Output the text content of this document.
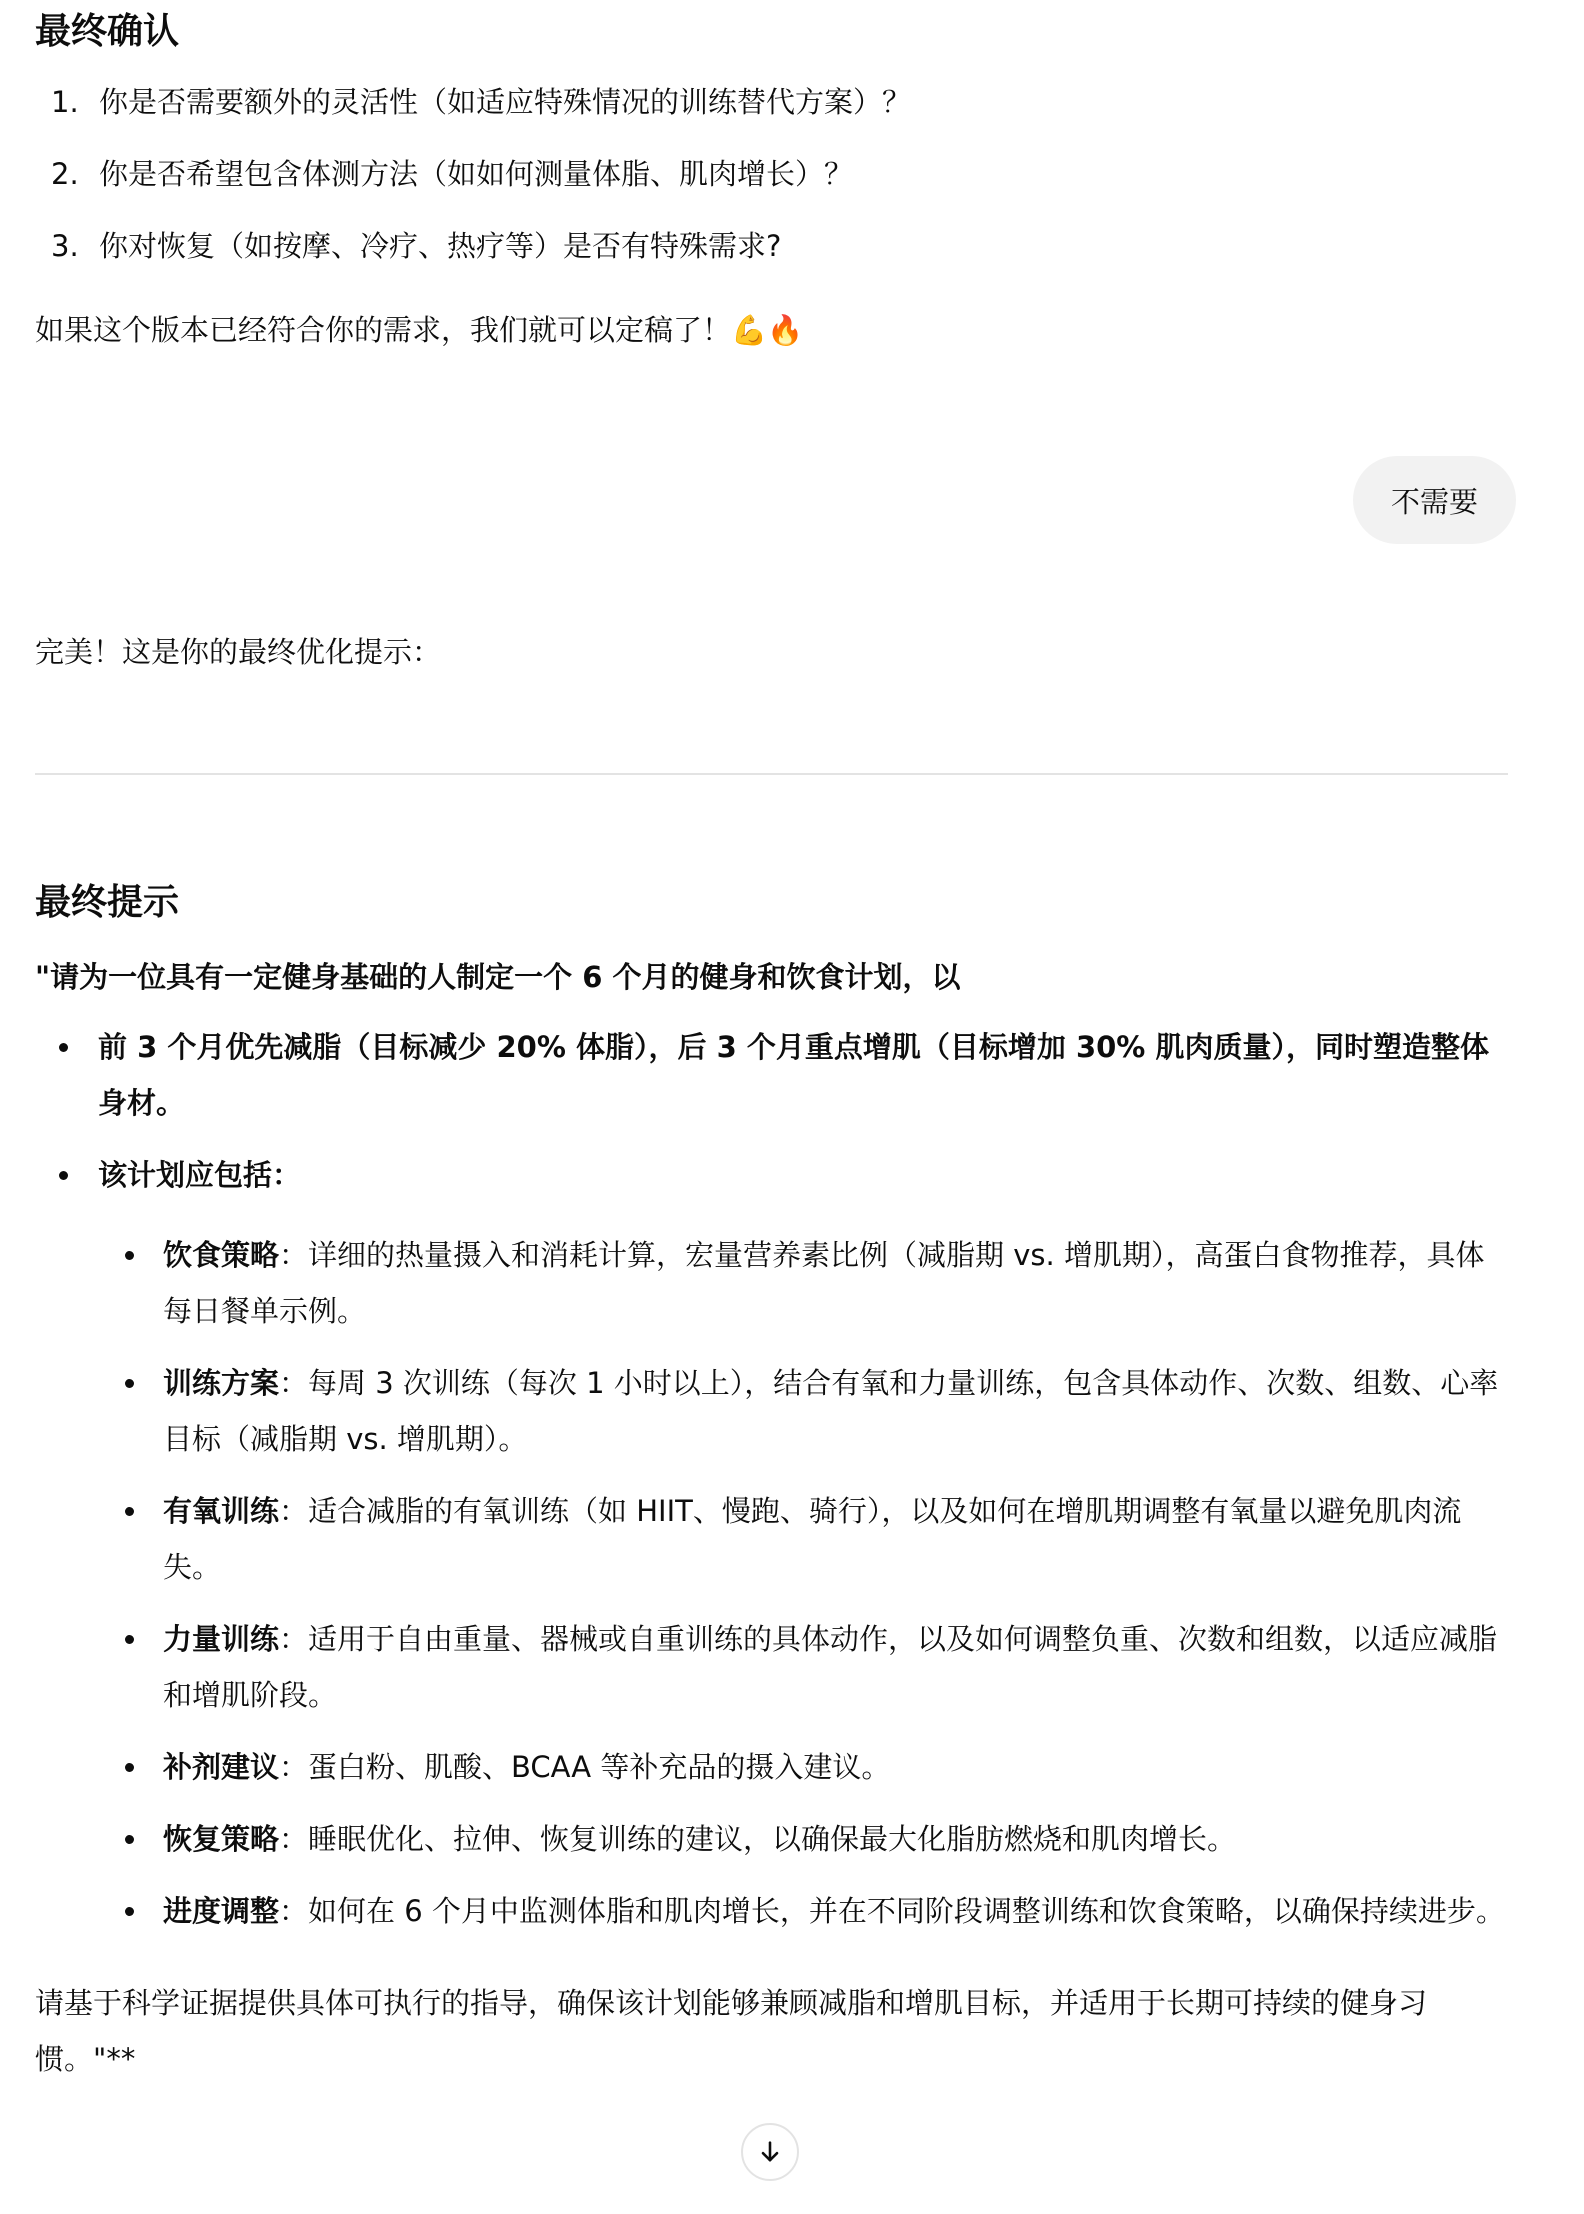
最终确认
1. 你是否需要额外的灵活性（如适应特殊情况的训练替代方案）？
2. 你是否希望包含体测方法（如如何测量体脂、肌肉增长）？
3. 你对恢复（如按摩、冷疗、热疗等）是否有特殊需求?

如果这个版本已经符合你的需求，我们就可以定稿了！💪🔥

不需要

完美！这是你的最终优化提示：

最终提示

"请为一位具有一定健身基础的人制定一个 6 个月的健身和饮食计划，以

前 3 个月优先减脂（目标减少 20% 体脂），后 3 个月重点增肌（目标增加 30% 肌肉质量），同时塑造整体身材。
该计划应包括：
饮食策略：详细的热量摄入和消耗计算，宏量营养素比例（减脂期 vs. 增肌期），高蛋白食物推荐，具体每日餐单示例。
训练方案：每周 3 次训练（每次 1 小时以上），结合有氧和力量训练，包含具体动作、次数、组数、心率目标（减脂期 vs. 增肌期）。
有氧训练：适合减脂的有氧训练（如 HIIT、慢跑、骑行），以及如何在增肌期调整有氧量以避免肌肉流失。
力量训练：适用于自由重量、器械或自重训练的具体动作，以及如何调整负重、次数和组数，以适应减脂和增肌阶段。
补剂建议：蛋白粉、肌酸、BCAA 等补充品的摄入建议。
恢复策略：睡眠优化、拉伸、恢复训练的建议，以确保最大化脂肪燃烧和肌肉增长。
进度调整：如何在 6 个月中监测体脂和肌肉增长，并在不同阶段调整训练和饮食策略，以确保持续进步。

请基于科学证据提供具体可执行的指导，确保该计划能够兼顾减脂和增肌目标，并适用于长期可持续的健身习惯。"**
